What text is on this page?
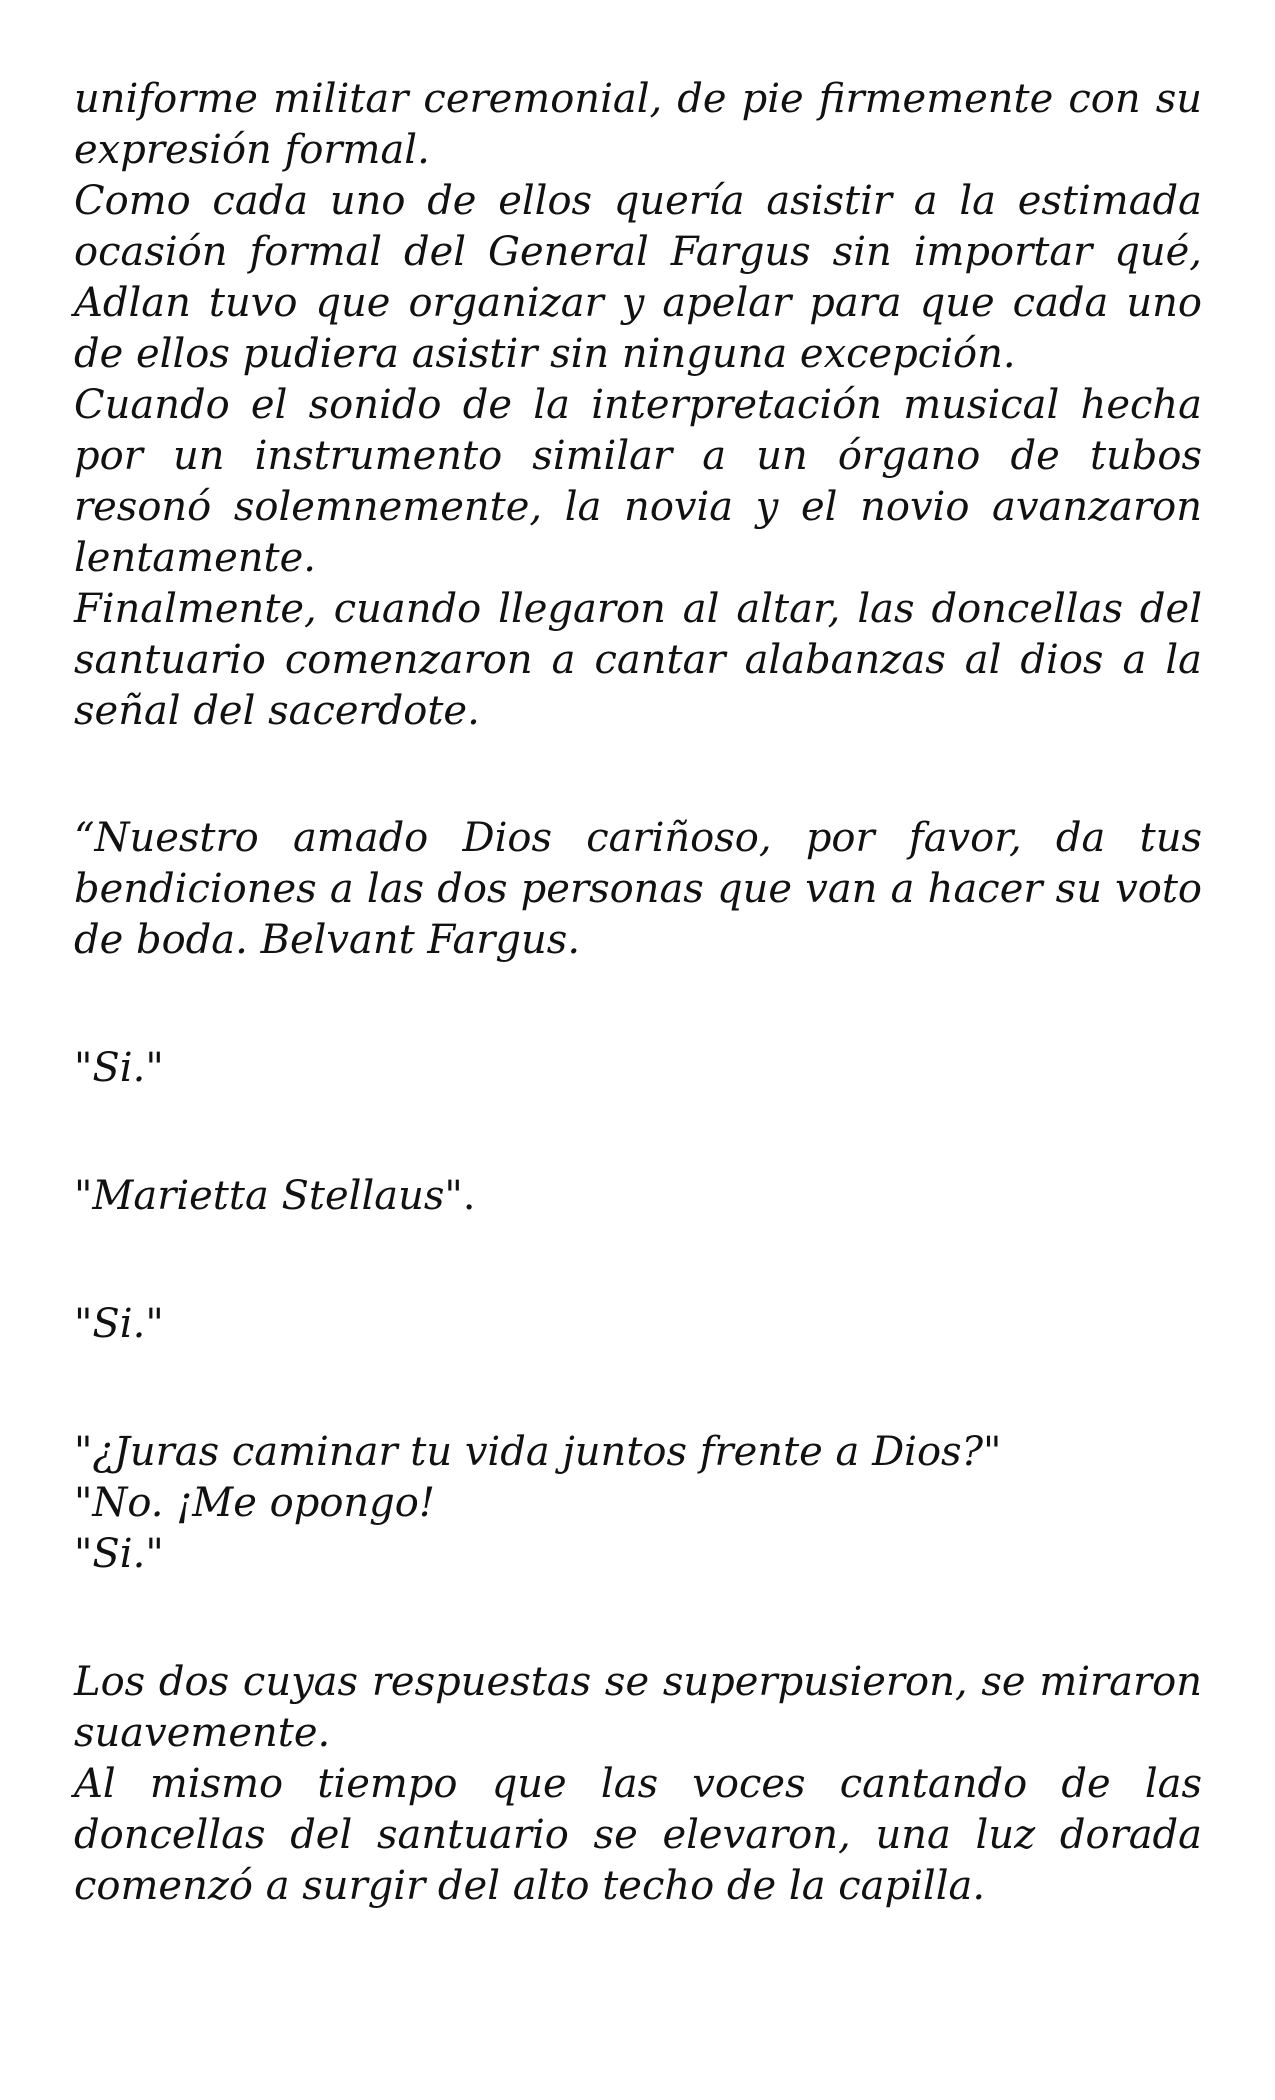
uniforme militar ceremonial, de pie firmemente con su expresión formal.

Como cada uno de ellos quería asistir a la estimada ocasión formal del General Fargus sin importar qué, Adlan tuvo que organizar y apelar para que cada uno de ellos pudiera asistir sin ninguna excepción.

Cuando el sonido de la interpretación musical hecha por un instrumento similar a un órgano de tubos resonó solemnemente, la novia y el novio avanzaron lentamente.

Finalmente, cuando llegaron al altar, las doncellas del santuario comenzaron a cantar alabanzas al dios a la señal del sacerdote.

“Nuestro amado Dios cariñoso, por favor, da tus bendiciones a las dos personas que van a hacer su voto de boda. Belvant Fargus.

"Si."

"Marietta Stellaus".

"Si."

"¿Juras caminar tu vida juntos frente a Dios?"

"No. ¡Me opongo!

"Si."

Los dos cuyas respuestas se superpusieron, se miraron suavemente.

Al mismo tiempo que las voces cantando de las doncellas del santuario se elevaron, una luz dorada comenzó a surgir del alto techo de la capilla.
